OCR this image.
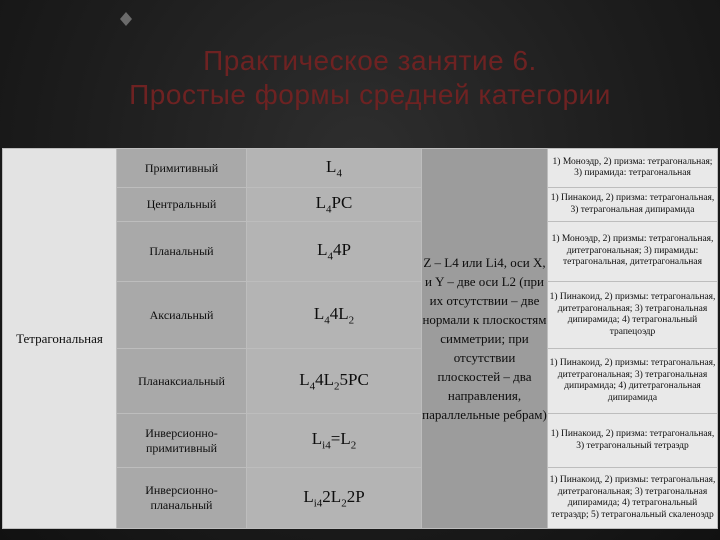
Практическое занятие 6.
Простые формы средней категории
Тетрагональная	Примитивный	$L_4$	Z – L4 или Li4, оси X, и Y – две оси L2 (при их отсутствии – две нормали к плоскостям симметрии; при отсутствии плоскостей – два направления, параллельные ребрам)	1) Моноэдр, 2) призма: тетрагональная; 3) пирамида: тетрагональная
	Центральный	$L_4PC$		1) Пинакоид, 2) призма: тетрагональная, 3) тетрагональная дипирамида
	Планальный	$L_44P$		1) Моноэдр, 2) призмы: тетрагональная, дитетрагональная; 3) пирамиды: тетрагональная, дитетрагональная
	Аксиальный	$L_44L_2$		1) Пинакоид, 2) призмы: тетрагональная, дитетрагональная; 3) тетрагональная дипирамида; 4) тетрагональный трапецоэдр
	Планаксиальный	$L_44L_25PC$		1) Пинакоид, 2) призмы: тетрагональная, дитетрагональная; 3) тетрагональная дипирамида; 4) дитетрагональная дипирамида
	Инверсионно-примитивный	$L_{i4}=L_2$		1) Пинакоид, 2) призма: тетрагональная, 3) тетрагональный тетраэдр
	Инверсионно-планальный	$L_{i4}2L_22P$		1) Пинакоид, 2) призмы: тетрагональная, дитетрагональная; 3) тетрагональная дипирамида; 4) тетрагональный тетраэдр; 5) тетрагональный скаленоэдр
